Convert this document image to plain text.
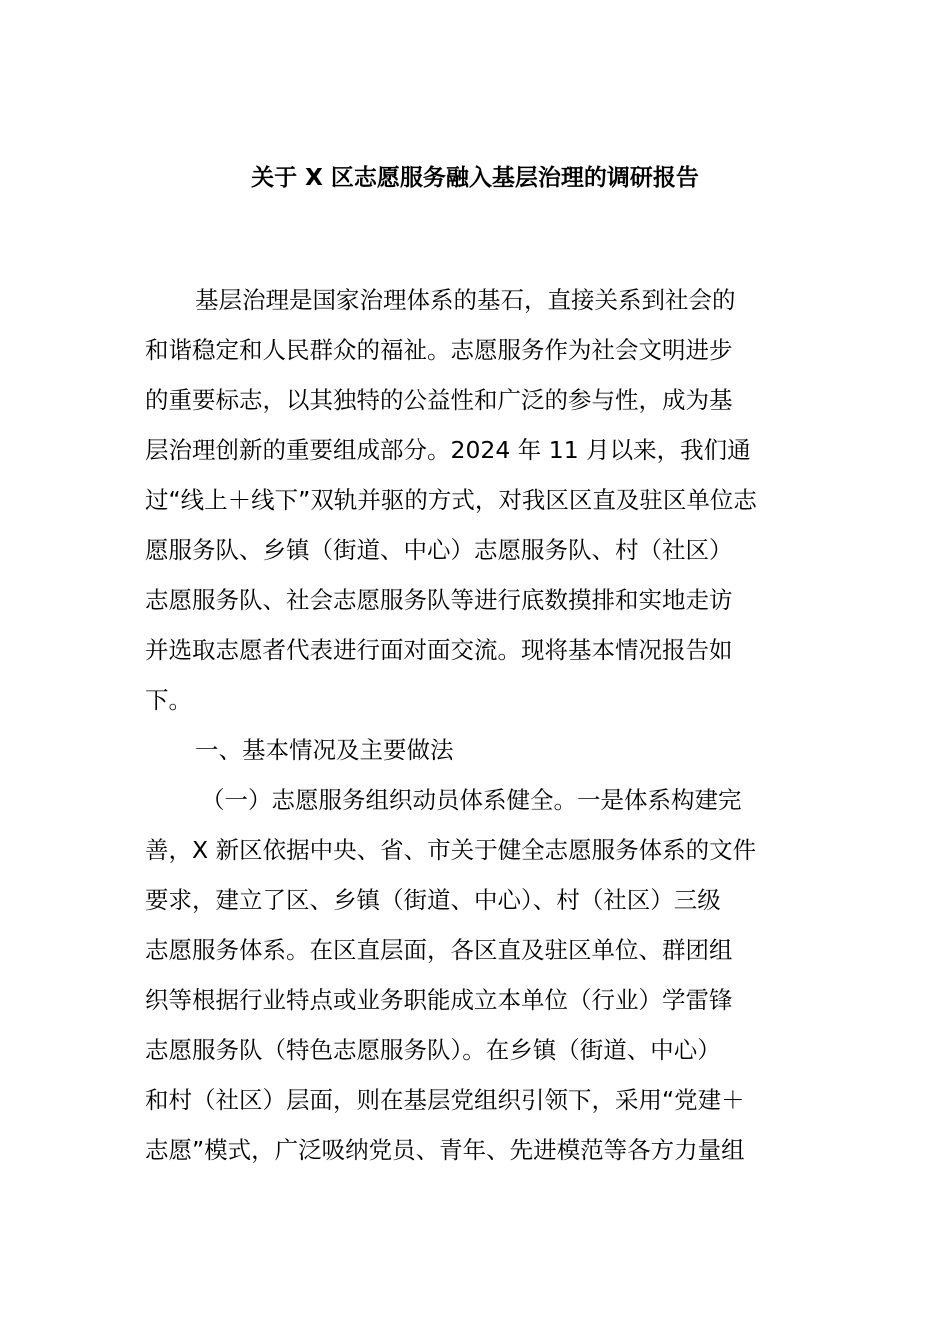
关于 X 区志愿服务融入基层治理的调研报告

基层治理是国家治理体系的基石，直接关系到社会的

和谐稳定和人民群众的福祉。志愿服务作为社会文明进步

的重要标志，以其独特的公益性和广泛的参与性，成为基

层治理创新的重要组成部分。2024 年 11 月以来，我们通

过“线上＋线下”双轨并驱的方式，对我区区直及驻区单位志

愿服务队、乡镇（街道、中心）志愿服务队、村（社区）

志愿服务队、社会志愿服务队等进行底数摸排和实地走访

并选取志愿者代表进行面对面交流。现将基本情况报告如

下。

一、基本情况及主要做法

（一）志愿服务组织动员体系健全。一是体系构建完

善，X 新区依据中央、省、市关于健全志愿服务体系的文件

要求，建立了区、乡镇（街道、中心）、村（社区）三级

志愿服务体系。在区直层面，各区直及驻区单位、群团组

织等根据行业特点或业务职能成立本单位（行业）学雷锋

志愿服务队（特色志愿服务队）。在乡镇（街道、中心）

和村（社区）层面，则在基层党组织引领下，采用“党建＋

志愿”模式，广泛吸纳党员、青年、先进模范等各方力量组
